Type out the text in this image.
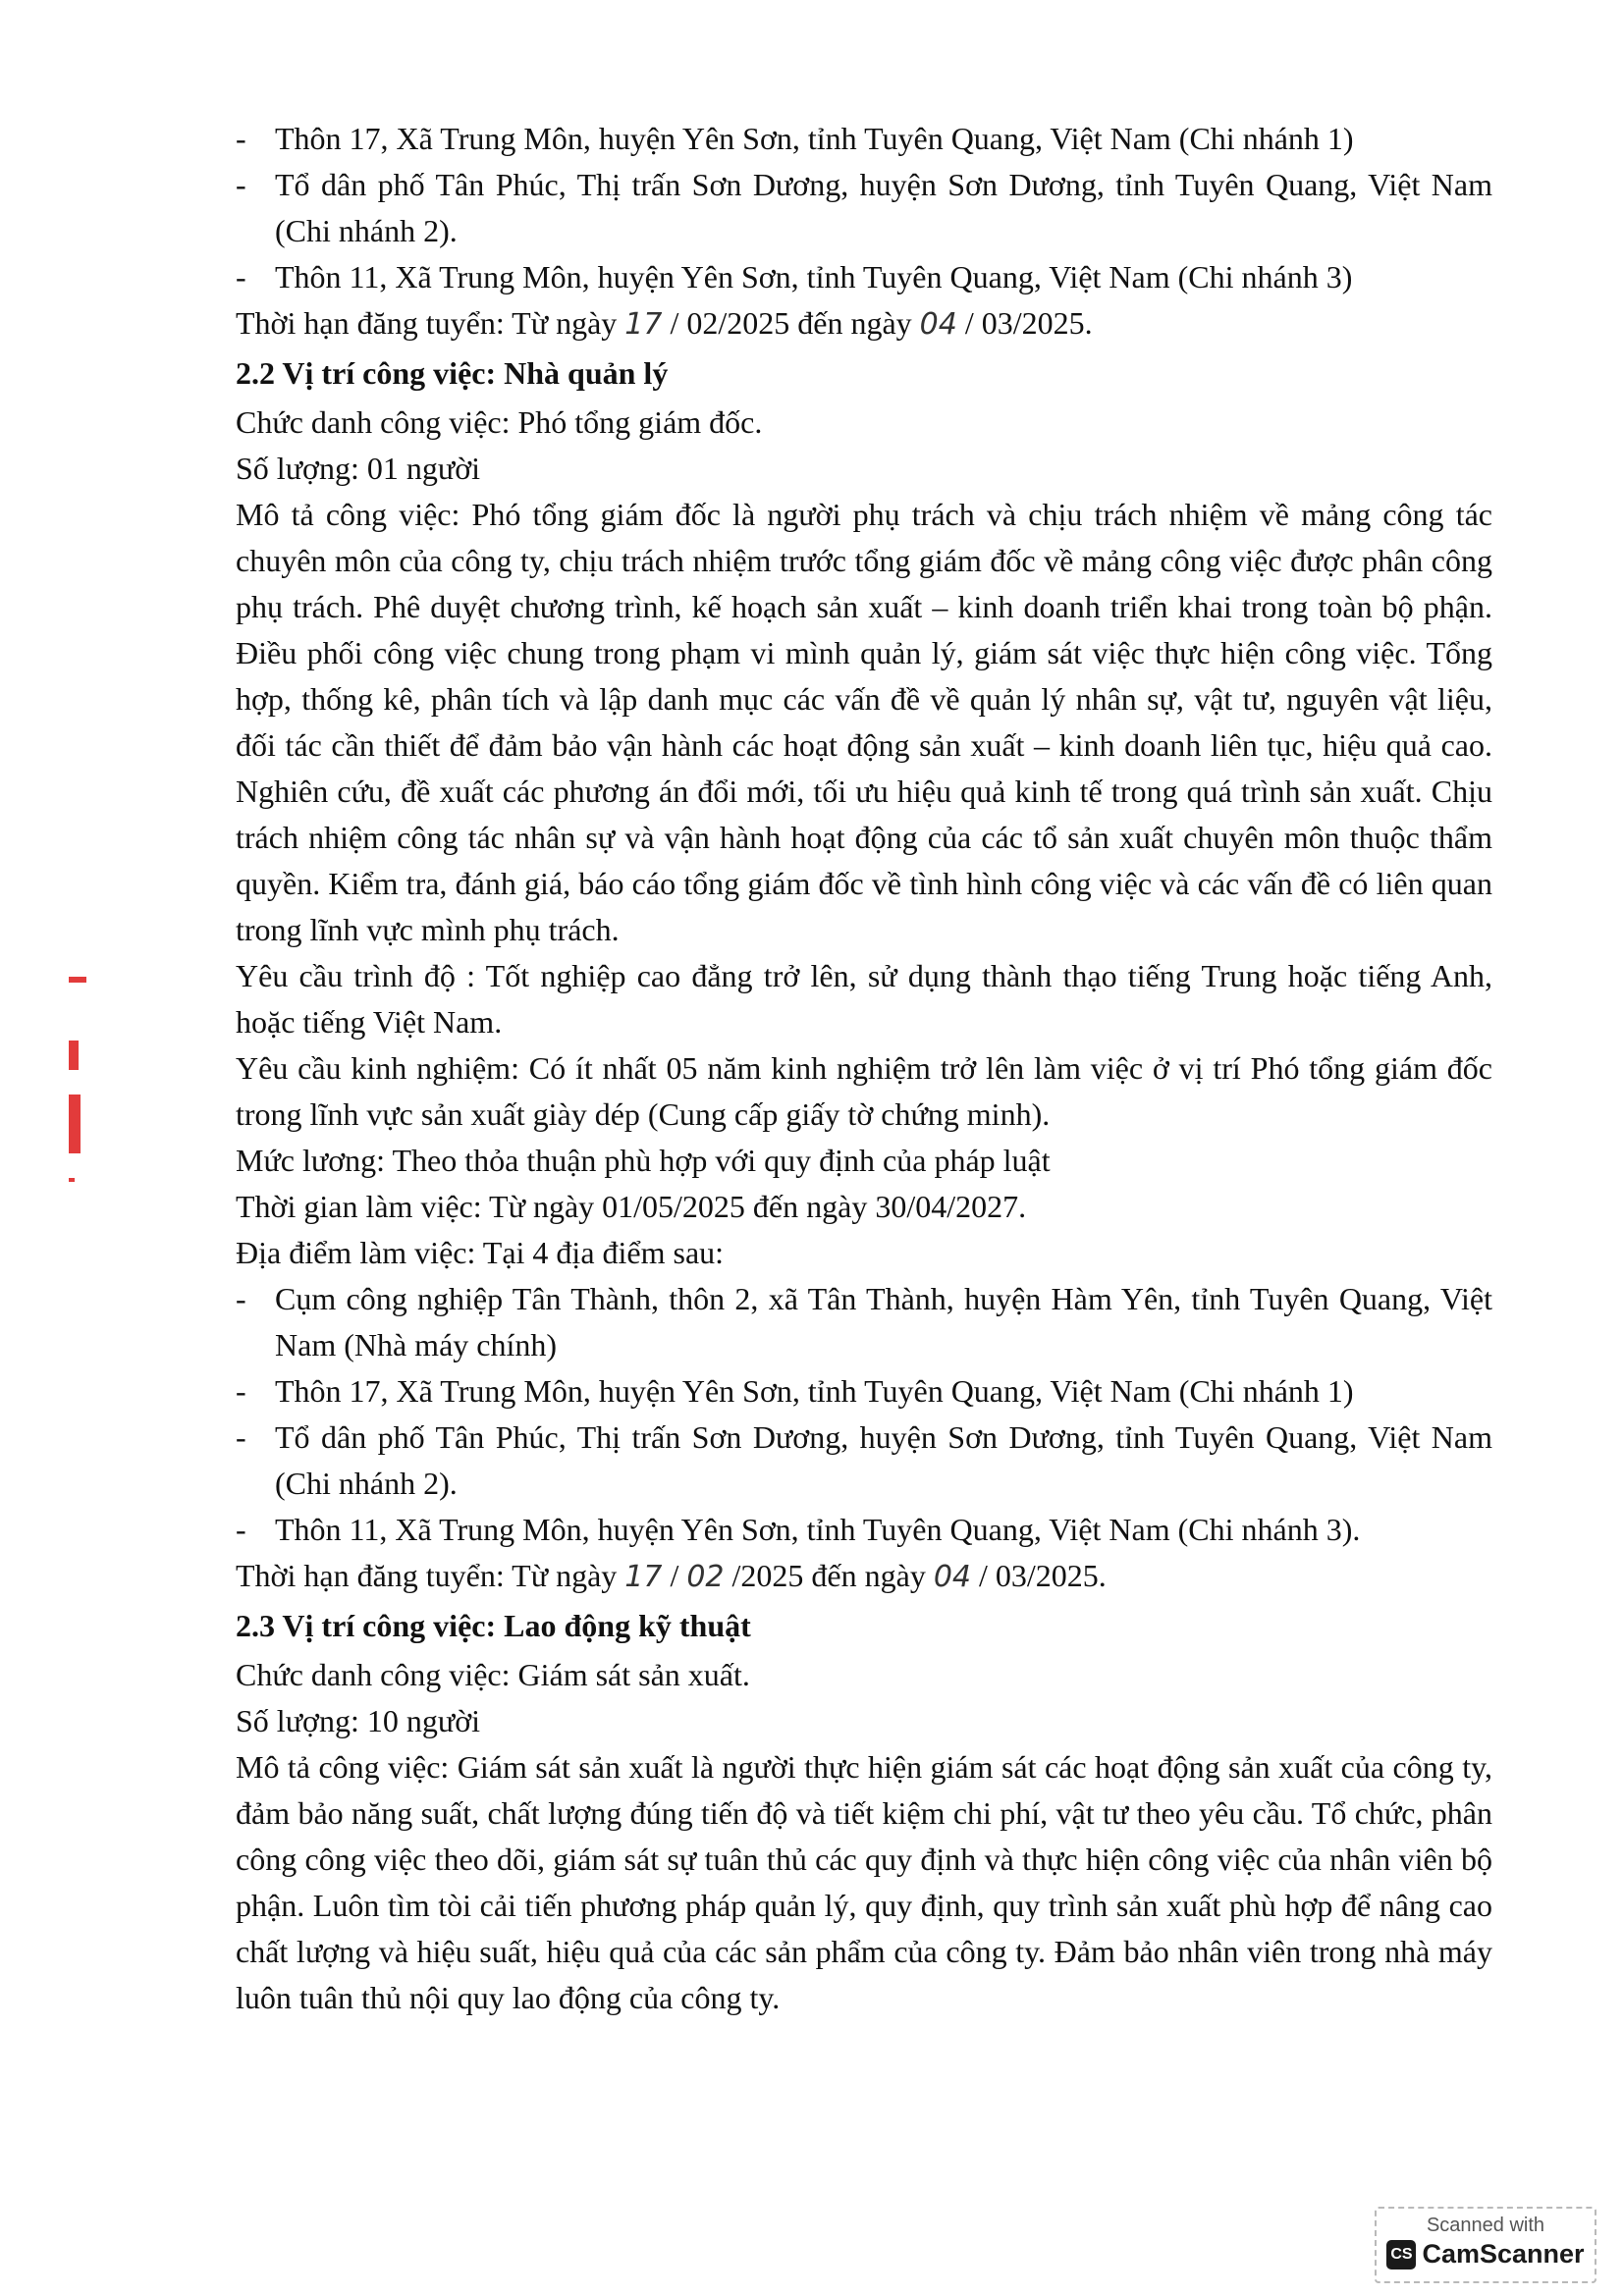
- Thôn 17, Xã Trung Môn, huyện Yên Sơn, tỉnh Tuyên Quang, Việt Nam (Chi nhánh 1)
- Tổ dân phố Tân Phúc, Thị trấn Sơn Dương, huyện Sơn Dương, tỉnh Tuyên Quang, Việt Nam (Chi nhánh 2).
- Thôn 11, Xã Trung Môn, huyện Yên Sơn, tỉnh Tuyên Quang, Việt Nam (Chi nhánh 3)

Thời hạn đăng tuyển: Từ ngày 17 / 02/2025 đến ngày 04 / 03/2025.

2.2 Vị trí công việc: Nhà quản lý

Chức danh công việc: Phó tổng giám đốc.

Số lượng: 01 người

Mô tả công việc: Phó tổng giám đốc là người phụ trách và chịu trách nhiệm về mảng công tác chuyên môn của công ty, chịu trách nhiệm trước tổng giám đốc về mảng công việc được phân công phụ trách. Phê duyệt chương trình, kế hoạch sản xuất – kinh doanh triển khai trong toàn bộ phận. Điều phối công việc chung trong phạm vi mình quản lý, giám sát việc thực hiện công việc. Tổng hợp, thống kê, phân tích và lập danh mục các vấn đề về quản lý nhân sự, vật tư, nguyên vật liệu, đối tác cần thiết để đảm bảo vận hành các hoạt động sản xuất – kinh doanh liên tục, hiệu quả cao. Nghiên cứu, đề xuất các phương án đổi mới, tối ưu hiệu quả kinh tế trong quá trình sản xuất. Chịu trách nhiệm công tác nhân sự và vận hành hoạt động của các tổ sản xuất chuyên môn thuộc thẩm quyền. Kiểm tra, đánh giá, báo cáo tổng giám đốc về tình hình công việc và các vấn đề có liên quan trong lĩnh vực mình phụ trách.

Yêu cầu trình độ : Tốt nghiệp cao đẳng trở lên, sử dụng thành thạo tiếng Trung hoặc tiếng Anh, hoặc tiếng Việt Nam.

Yêu cầu kinh nghiệm: Có ít nhất 05 năm kinh nghiệm trở lên làm việc ở vị trí Phó tổng giám đốc trong lĩnh vực sản xuất giày dép (Cung cấp giấy tờ chứng minh).

Mức lương: Theo thỏa thuận phù hợp với quy định của pháp luật

Thời gian làm việc: Từ ngày 01/05/2025 đến ngày 30/04/2027.

Địa điểm làm việc: Tại 4 địa điểm sau:

- Cụm công nghiệp Tân Thành, thôn 2, xã Tân Thành, huyện Hàm Yên, tỉnh Tuyên Quang, Việt Nam (Nhà máy chính)
- Thôn 17, Xã Trung Môn, huyện Yên Sơn, tỉnh Tuyên Quang, Việt Nam (Chi nhánh 1)
- Tổ dân phố Tân Phúc, Thị trấn Sơn Dương, huyện Sơn Dương, tỉnh Tuyên Quang, Việt Nam (Chi nhánh 2).
- Thôn 11, Xã Trung Môn, huyện Yên Sơn, tỉnh Tuyên Quang, Việt Nam (Chi nhánh 3).

Thời hạn đăng tuyển: Từ ngày 17 / 02 /2025 đến ngày 04 / 03/2025.

2.3 Vị trí công việc: Lao động kỹ thuật

Chức danh công việc: Giám sát sản xuất.

Số lượng: 10 người

Mô tả công việc: Giám sát sản xuất là người thực hiện giám sát các hoạt động sản xuất của công ty, đảm bảo năng suất, chất lượng đúng tiến độ và tiết kiệm chi phí, vật tư theo yêu cầu. Tổ chức, phân công công việc theo dõi, giám sát sự tuân thủ các quy định và thực hiện công việc của nhân viên bộ phận. Luôn tìm tòi cải tiến phương pháp quản lý, quy định, quy trình sản xuất phù hợp để nâng cao chất lượng và hiệu suất, hiệu quả của các sản phẩm của công ty. Đảm bảo nhân viên trong nhà máy luôn tuân thủ nội quy lao động của công ty.

Scanned with
CS CamScanner
